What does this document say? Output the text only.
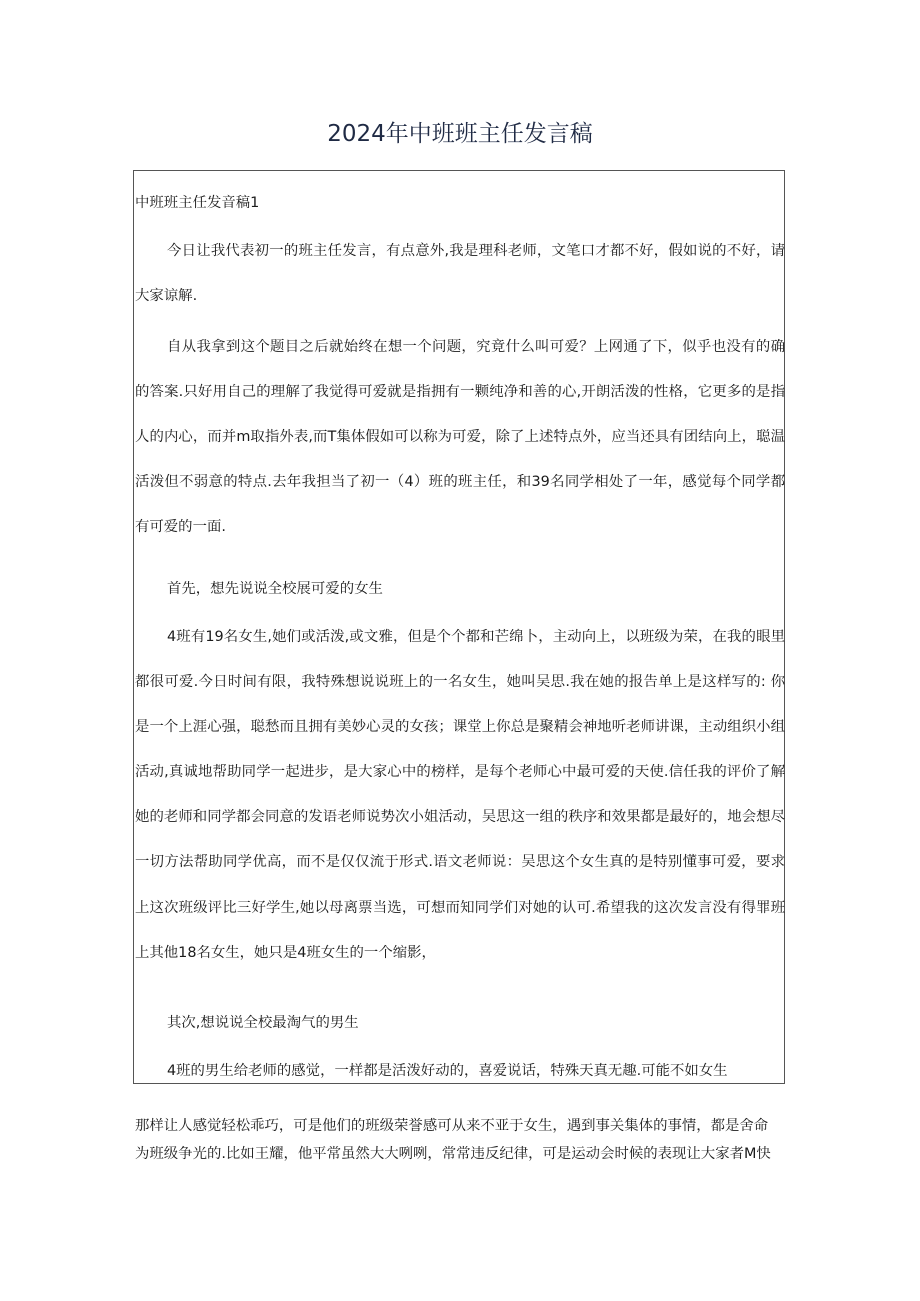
2024年中班班主任发言稿

中班班主任发音稿1

今日让我代表初一的班主任发言，有点意外,我是理科老师，文笔口才都不好，假如说的不好，请大家谅解.

自从我拿到这个题目之后就始终在想一个问题，究竟什么叫可爱？上网通了下，似乎也没有的确的答案.只好用自己的理解了我觉得可爱就是指拥有一颗纯净和善的心,开朗活泼的性格，它更多的是指人的内心，而并m取指外表,而T集体假如可以称为可爱，除了上述特点外，应当还具有团结向上，聪温活泼但不弱意的特点.去年我担当了初一（4）班的班主任，和39名同学相处了一年，感觉每个同学都有可爱的一面.

首先，想先说说全校展可爱的女生

4班有19名女生,她们或活泼,或文雅，但是个个都和芒绵卜，主动向上，以班级为荣，在我的眼里都很可爱.今日时间有限，我特殊想说说班上的一名女生，她叫吴思.我在她的报告单上是这样写的: 你是一个上涯心强，聪愁而且拥有美妙心灵的女孩；课堂上你总是聚精会神地听老师讲课，主动组织小组活动,真诚地帮助同学一起进步，是大家心中的榜样，是每个老师心中最可爱的天使.信任我的评价了解她的老师和同学都会同意的发语老师说势次小姐活动，吴思这一组的秩序和效果都是最好的，地会想尽一切方法帮助同学优高，而不是仅仅流于形式.语文老师说：吴思这个女生真的是特别懂事可爱，要求上这次班级评比三好学生,她以母离票当选，可想而知同学们对她的认可.希望我的这次发言没有得罪班上其他18名女生，她只是4班女生的一个缩影，

其次,想说说全校最淘气的男生

4班的男生给老师的感觉，一样都是活泼好动的，喜爱说话，特殊天真无趣.可能不如女生

那样让人感觉轻松乖巧，可是他们的班级荣誉感可从来不亚于女生，遇到事关集体的事情，都是舍命

为班级争光的.比如王耀，他平常虽然大大咧咧，常常违反纪律，可是运动会时候的表现让大家者M快
